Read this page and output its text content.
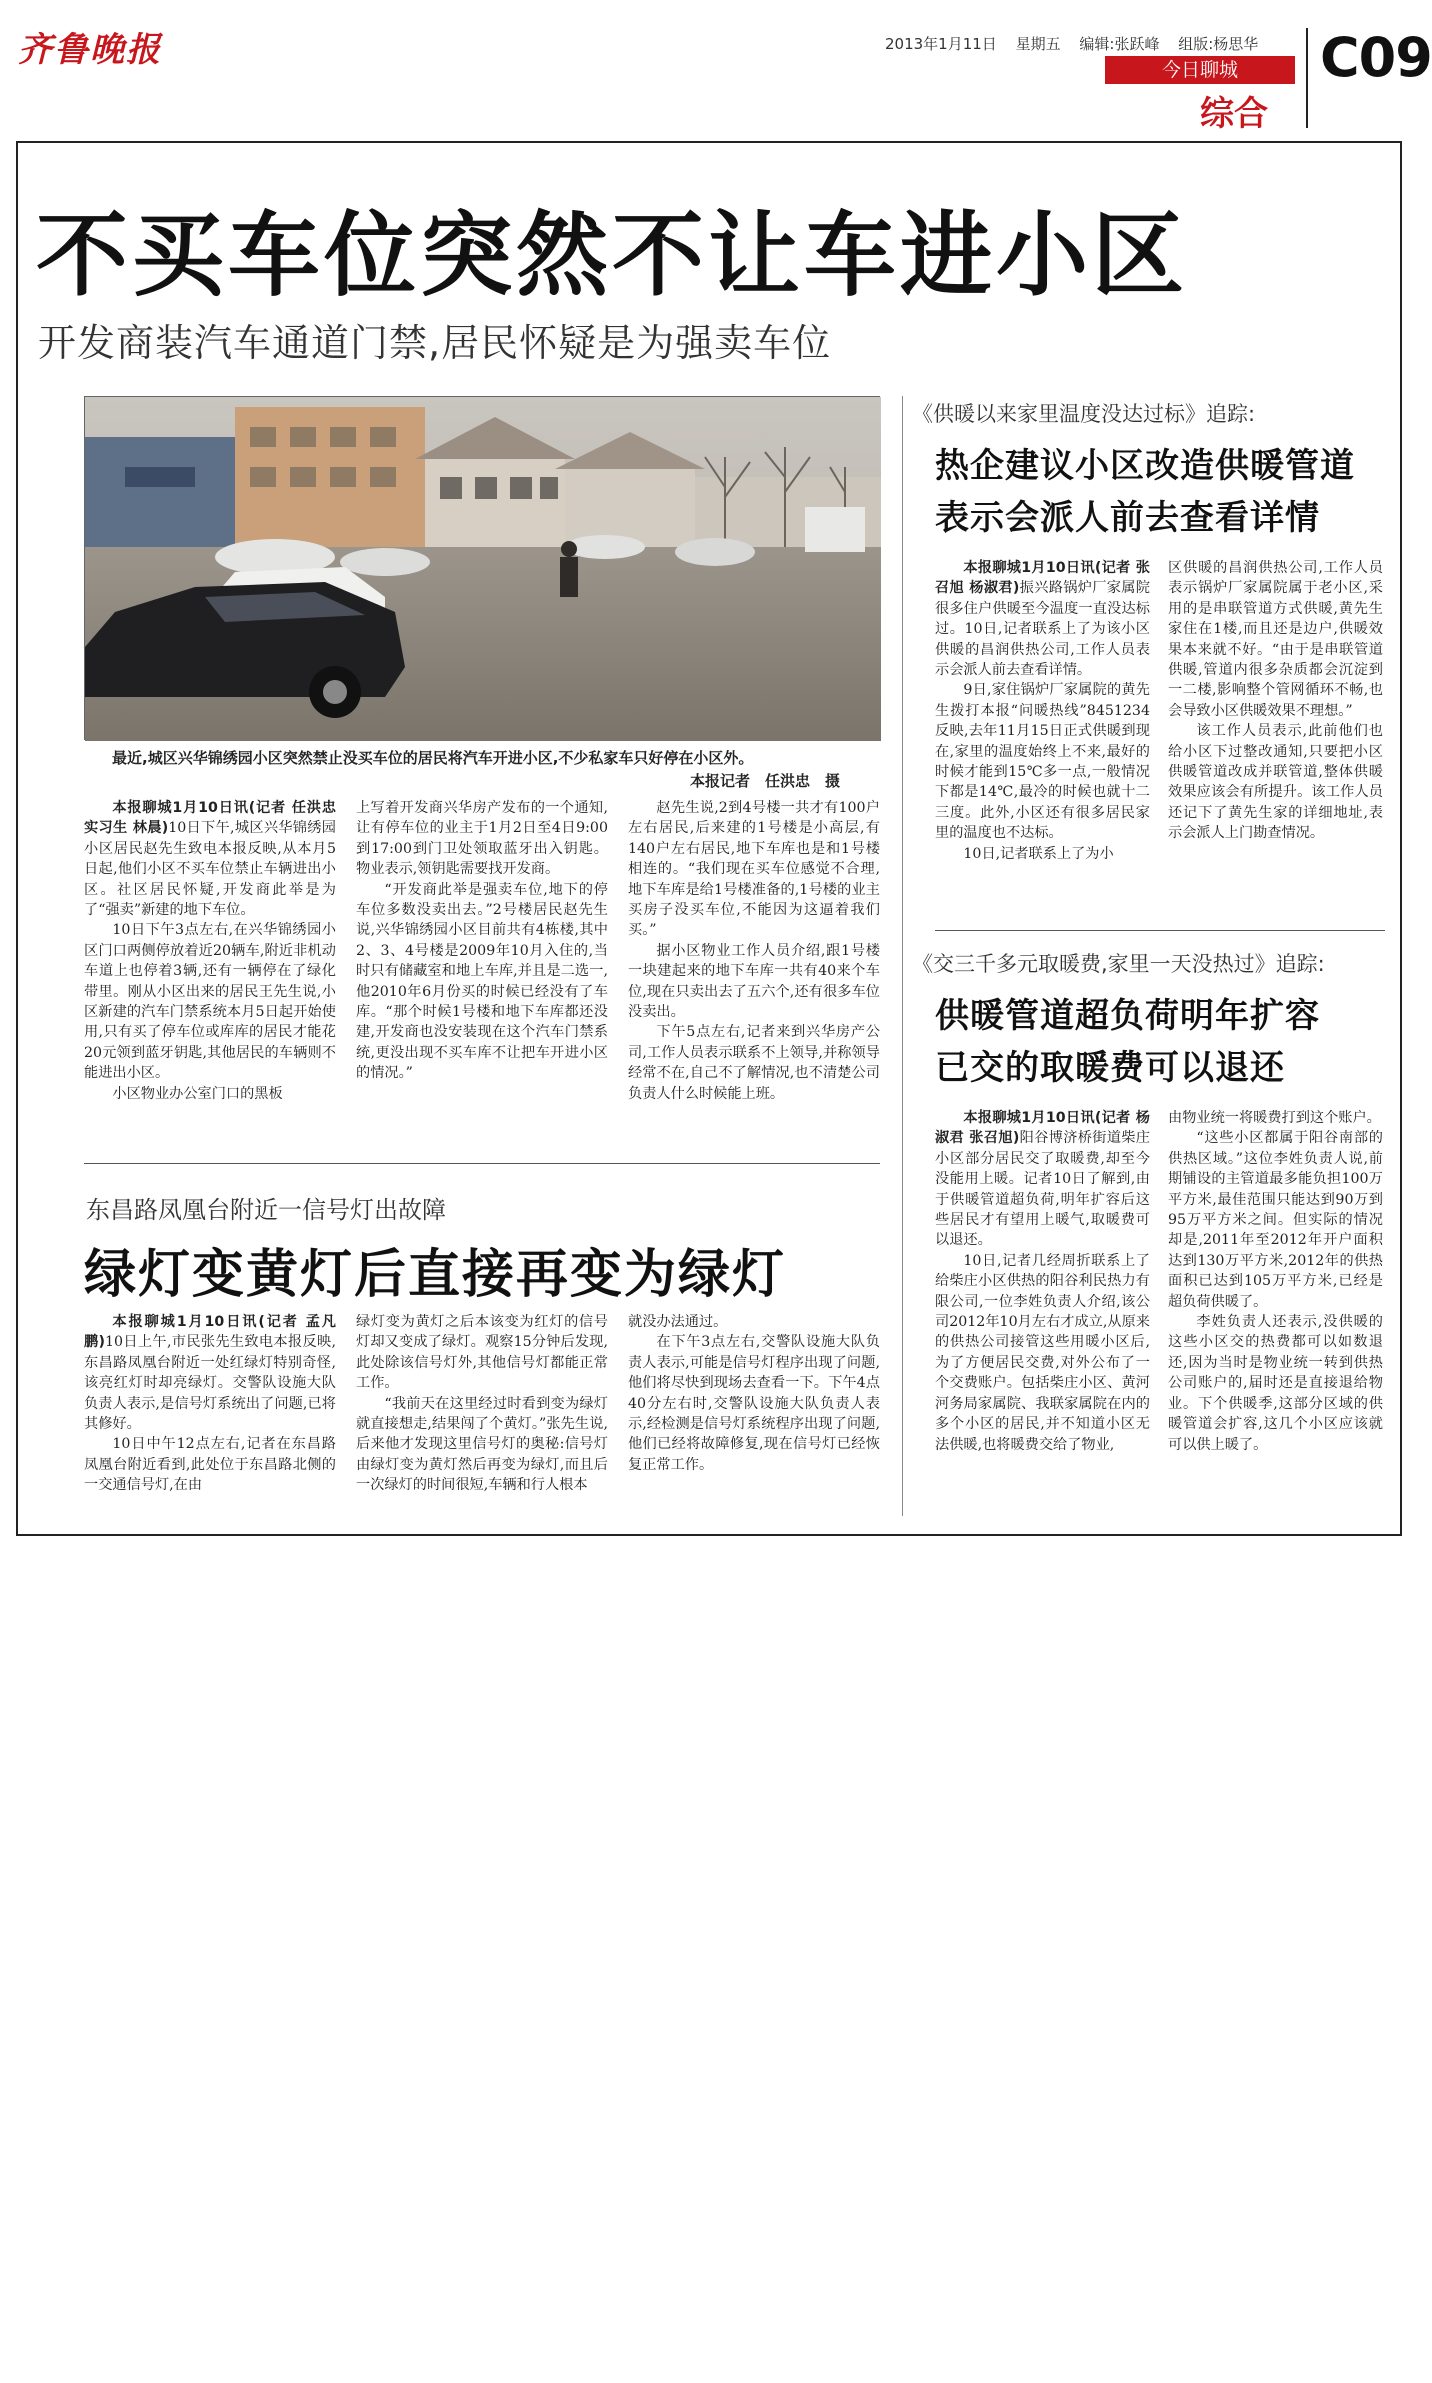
齐鲁晚报	2013年1月11日 星期五 编辑:张跃峰 组版:杨思华
今日聊城
综合
C09
不买车位突然不让车进小区
开发商装汽车通道门禁,居民怀疑是为强卖车位
最近,城区兴华锦绣园小区突然禁止没买车位的居民将汽车开进小区,不少私家车只好停在小区外。
本报记者　任洪忠　摄

本报聊城1月10日讯(记者 任洪忠 实习生 林晨)10日下午,城区兴华锦绣园小区居民赵先生致电本报反映,从本月5日起,他们小区不买车位禁止车辆进出小区。社区居民怀疑,开发商此举是为了“强卖”新建的地下车位。

10日下午3点左右,在兴华锦绣园小区门口两侧停放着近20辆车,附近非机动车道上也停着3辆,还有一辆停在了绿化带里。刚从小区出来的居民王先生说,小区新建的汽车门禁系统本月5日起开始使用,只有买了停车位或库库的居民才能花20元领到蓝牙钥匙,其他居民的车辆则不能进出小区。

小区物业办公室门口的黑板

上写着开发商兴华房产发布的一个通知,让有停车位的业主于1月2日至4日9:00到17:00到门卫处领取蓝牙出入钥匙。物业表示,领钥匙需要找开发商。

“开发商此举是强卖车位,地下的停车位多数没卖出去。”2号楼居民赵先生说,兴华锦绣园小区目前共有4栋楼,其中2、3、4号楼是2009年10月入住的,当时只有储藏室和地上车库,并且是二选一,他2010年6月份买的时候已经没有了车库。“那个时候1号楼和地下车库都还没建,开发商也没安装现在这个汽车门禁系统,更没出现不买车库不让把车开进小区的情况。”

赵先生说,2到4号楼一共才有100户左右居民,后来建的1号楼是小高层,有140户左右居民,地下车库也是和1号楼相连的。“我们现在买车位感觉不合理,地下车库是给1号楼准备的,1号楼的业主买房子没买车位,不能因为这逼着我们买。”

据小区物业工作人员介绍,跟1号楼一块建起来的地下车库一共有40来个车位,现在只卖出去了五六个,还有很多车位没卖出。

下午5点左右,记者来到兴华房产公司,工作人员表示联系不上领导,并称领导经常不在,自己不了解情况,也不清楚公司负责人什么时候能上班。

东昌路凤凰台附近一信号灯出故障
绿灯变黄灯后直接再变为绿灯

本报聊城1月10日讯(记者 孟凡鹏)10日上午,市民张先生致电本报反映,东昌路凤凰台附近一处红绿灯特别奇怪,该亮红灯时却亮绿灯。交警队设施大队负责人表示,是信号灯系统出了问题,已将其修好。

10日中午12点左右,记者在东昌路凤凰台附近看到,此处位于东昌路北侧的一交通信号灯,在由

绿灯变为黄灯之后本该变为红灯的信号灯却又变成了绿灯。观察15分钟后发现,此处除该信号灯外,其他信号灯都能正常工作。

“我前天在这里经过时看到变为绿灯就直接想走,结果闯了个黄灯。”张先生说,后来他才发现这里信号灯的奥秘:信号灯由绿灯变为黄灯然后再变为绿灯,而且后一次绿灯的时间很短,车辆和行人根本

就没办法通过。

在下午3点左右,交警队设施大队负责人表示,可能是信号灯程序出现了问题,他们将尽快到现场去查看一下。下午4点40分左右时,交警队设施大队负责人表示,经检测是信号灯系统程序出现了问题,他们已经将故障修复,现在信号灯已经恢复正常工作。

《供暖以来家里温度没达过标》追踪:
热企建议小区改造供暖管道
表示会派人前去查看详情

本报聊城1月10日讯(记者 张召旭 杨淑君)振兴路锅炉厂家属院很多住户供暖至今温度一直没达标过。10日,记者联系上了为该小区供暖的昌润供热公司,工作人员表示会派人前去查看详情。

9日,家住锅炉厂家属院的黄先生拨打本报“问暖热线”8451234反映,去年11月15日正式供暖到现在,家里的温度始终上不来,最好的时候才能到15℃多一点,一般情况下都是14℃,最冷的时候也就十二三度。此外,小区还有很多居民家里的温度也不达标。

10日,记者联系上了为小

区供暖的昌润供热公司,工作人员表示锅炉厂家属院属于老小区,采用的是串联管道方式供暖,黄先生家住在1楼,而且还是边户,供暖效果本来就不好。“由于是串联管道供暖,管道内很多杂质都会沉淀到一二楼,影响整个管网循环不畅,也会导致小区供暖效果不理想。”

该工作人员表示,此前他们也给小区下过整改通知,只要把小区供暖管道改成并联管道,整体供暖效果应该会有所提升。该工作人员还记下了黄先生家的详细地址,表示会派人上门勘查情况。

《交三千多元取暖费,家里一天没热过》追踪:
供暖管道超负荷明年扩容
已交的取暖费可以退还

本报聊城1月10日讯(记者 杨淑君 张召旭)阳谷博济桥街道柴庄小区部分居民交了取暖费,却至今没能用上暖。记者10日了解到,由于供暖管道超负荷,明年扩容后这些居民才有望用上暖气,取暖费可以退还。

10日,记者几经周折联系上了给柴庄小区供热的阳谷利民热力有限公司,一位李姓负责人介绍,该公司2012年10月左右才成立,从原来的供热公司接管这些用暖小区后,为了方便居民交费,对外公布了一个交费账户。包括柴庄小区、黄河河务局家属院、我联家属院在内的多个小区的居民,并不知道小区无法供暖,也将暖费交给了物业,

由物业统一将暖费打到这个账户。

“这些小区都属于阳谷南部的供热区域。”这位李姓负责人说,前期铺设的主管道最多能负担100万平方米,最佳范围只能达到90万到95万平方米之间。但实际的情况却是,2011年至2012年开户面积达到130万平方米,2012年的供热面积已达到105万平方米,已经是超负荷供暖了。

李姓负责人还表示,没供暖的这些小区交的热费都可以如数退还,因为当时是物业统一转到供热公司账户的,届时还是直接退给物业。下个供暖季,这部分区域的供暖管道会扩容,这几个小区应该就可以供上暖了。
